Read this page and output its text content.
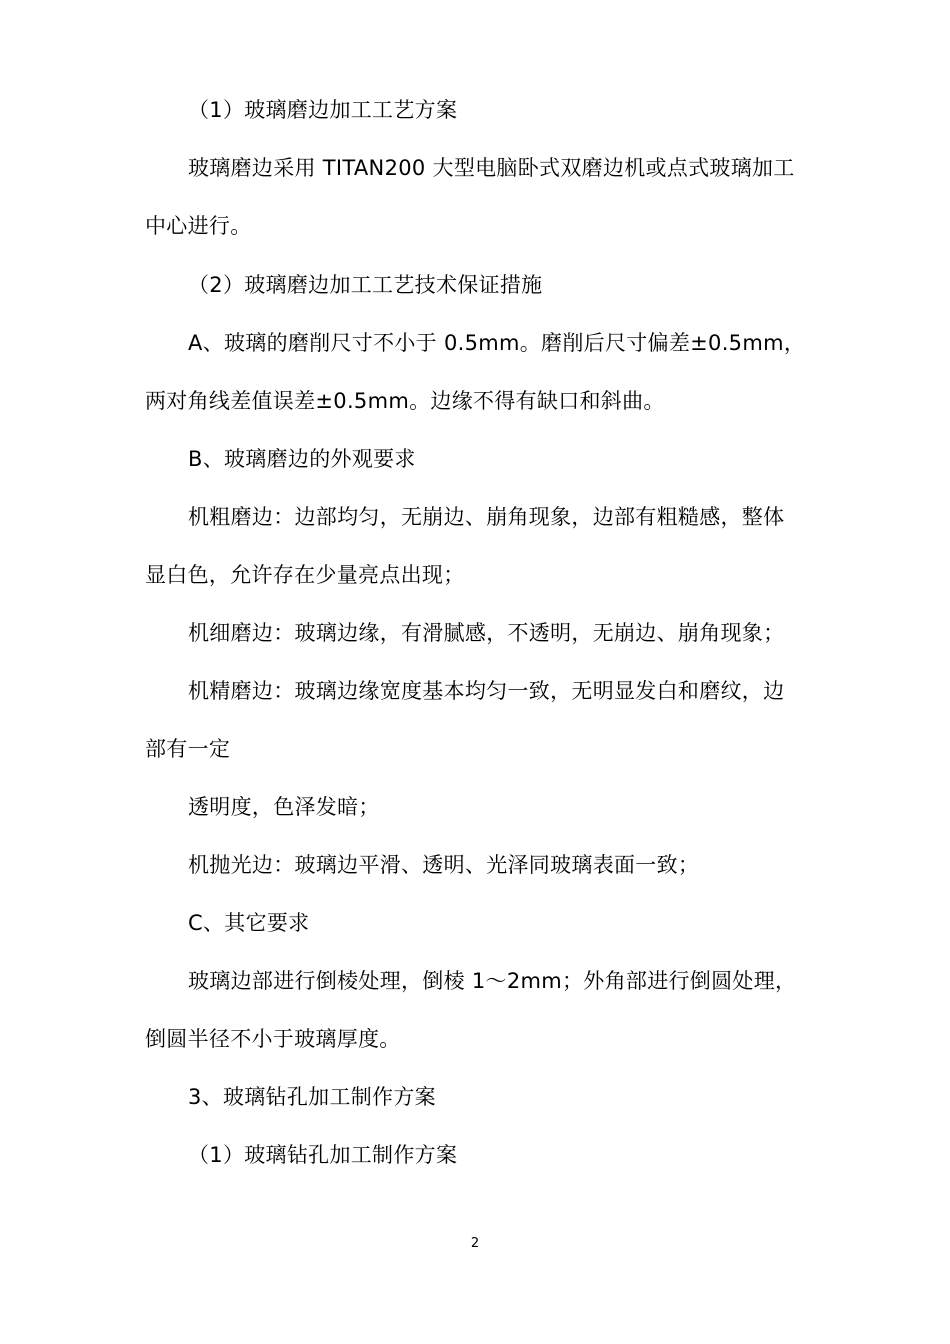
（1）玻璃磨边加工工艺方案
玻璃磨边采用 TITAN200 大型电脑卧式双磨边机或点式玻璃加工
中心进行。
（2）玻璃磨边加工工艺技术保证措施
A、玻璃的磨削尺寸不小于 0.5mm。磨削后尺寸偏差±0.5mm，
两对角线差值误差±0.5mm。边缘不得有缺口和斜曲。
B、玻璃磨边的外观要求
机粗磨边：边部均匀，无崩边、崩角现象，边部有粗糙感，整体
显白色，允许存在少量亮点出现；
机细磨边：玻璃边缘，有滑腻感，不透明，无崩边、崩角现象；
机精磨边：玻璃边缘宽度基本均匀一致，无明显发白和磨纹，边
部有一定
透明度，色泽发暗；
机抛光边：玻璃边平滑、透明、光泽同玻璃表面一致；
C、其它要求
玻璃边部进行倒棱处理，倒棱 1～2mm；外角部进行倒圆处理，
倒圆半径不小于玻璃厚度。
3、玻璃钻孔加工制作方案
（1）玻璃钻孔加工制作方案
2
